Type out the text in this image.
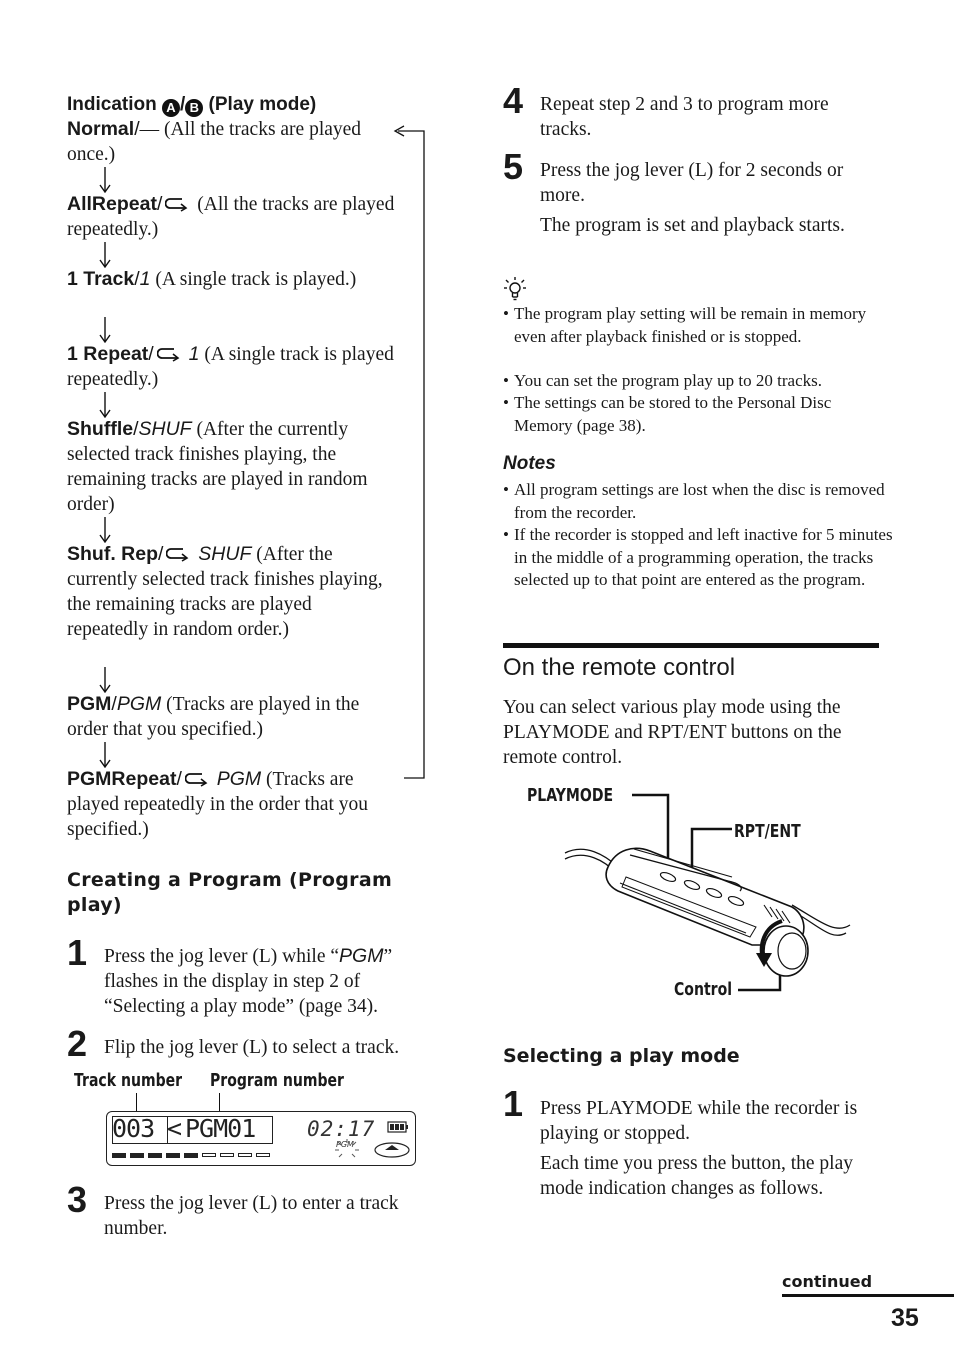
Indication A / B (Play mode)
Normal/— (All the tracks are played once.)
AllRepeat/ (All the tracks are played repeatedly.)
1 Track/1 (A single track is played.)
1 Repeat/ 1 (A single track is played repeatedly.)
Shuffle/SHUF (After the currently selected track finishes playing, the remaining tracks are played in random order)
Shuf. Rep/ SHUF (After the currently selected track finishes playing, the remaining tracks are played repeatedly in random order.)
PGM/PGM (Tracks are played in the order that you specified.)
PGMRepeat/ PGM (Tracks are played repeatedly in the order that you specified.)
Creating a Program (Program play)
1 Press the jog lever (L) while “PGM” flashes in the display in step 2 of “Selecting a play mode” (page 34).
2 Flip the jog lever (L) to select a track.
Track number Program number
003 < PGM01 02:17
PGM
3 Press the jog lever (L) to enter a track number.
4 Repeat step 2 and 3 to program more tracks.
5 Press the jog lever (L) for 2 seconds or more.
The program is set and playback starts.
• The program play setting will be remain in memory even after playback finished or is stopped.
• You can set the program play up to 20 tracks.
• The settings can be stored to the Personal Disc Memory (page 38).
Notes
• All program settings are lost when the disc is removed from the recorder.
• If the recorder is stopped and left inactive for 5 minutes in the middle of a programming operation, the tracks selected up to that point are entered as the program.
On the remote control
You can select various play mode using the PLAYMODE and RPT/ENT buttons on the remote control.
PLAYMODE
RPT/ENT
Control
Selecting a play mode
1 Press PLAYMODE while the recorder is playing or stopped.
Each time you press the button, the play mode indication changes as follows.
continued
35
